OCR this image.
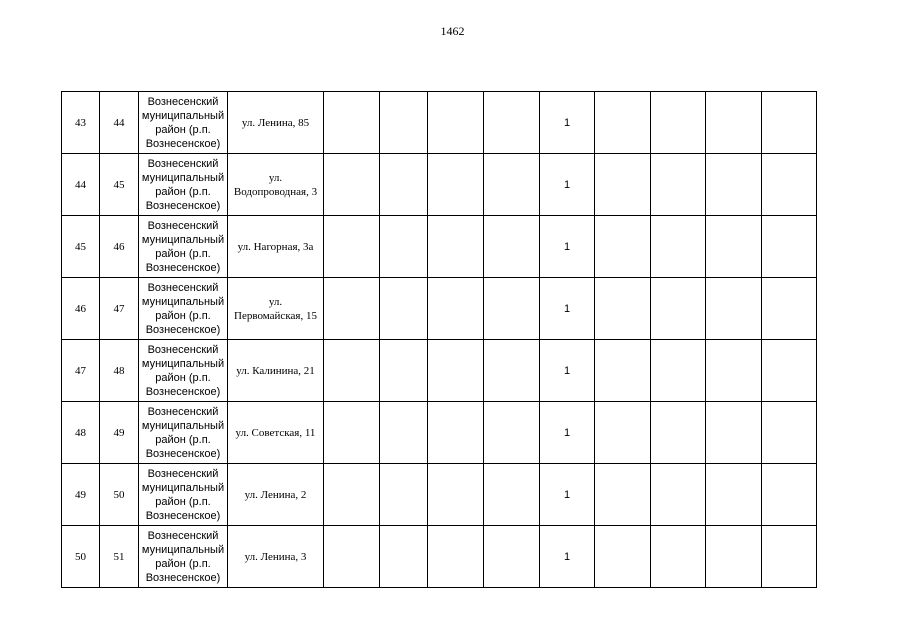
1462
43	44	Вознесенский
муниципальный
район (р.п.
Вознесенское)	ул. Ленина, 85					1				
44	45	Вознесенский
муниципальный
район (р.п.
Вознесенское)	ул.
Водопроводная, 3					1				
45	46	Вознесенский
муниципальный
район (р.п.
Вознесенское)	ул. Нагорная, 3а					1				
46	47	Вознесенский
муниципальный
район (р.п.
Вознесенское)	ул.
Первомайская, 15					1				
47	48	Вознесенский
муниципальный
район (р.п.
Вознесенское)	ул. Калинина, 21					1				
48	49	Вознесенский
муниципальный
район (р.п.
Вознесенское)	ул. Советская, 11					1				
49	50	Вознесенский
муниципальный
район (р.п.
Вознесенское)	ул. Ленина, 2					1				
50	51	Вознесенский
муниципальный
район (р.п.
Вознесенское)	ул. Ленина, 3					1				
